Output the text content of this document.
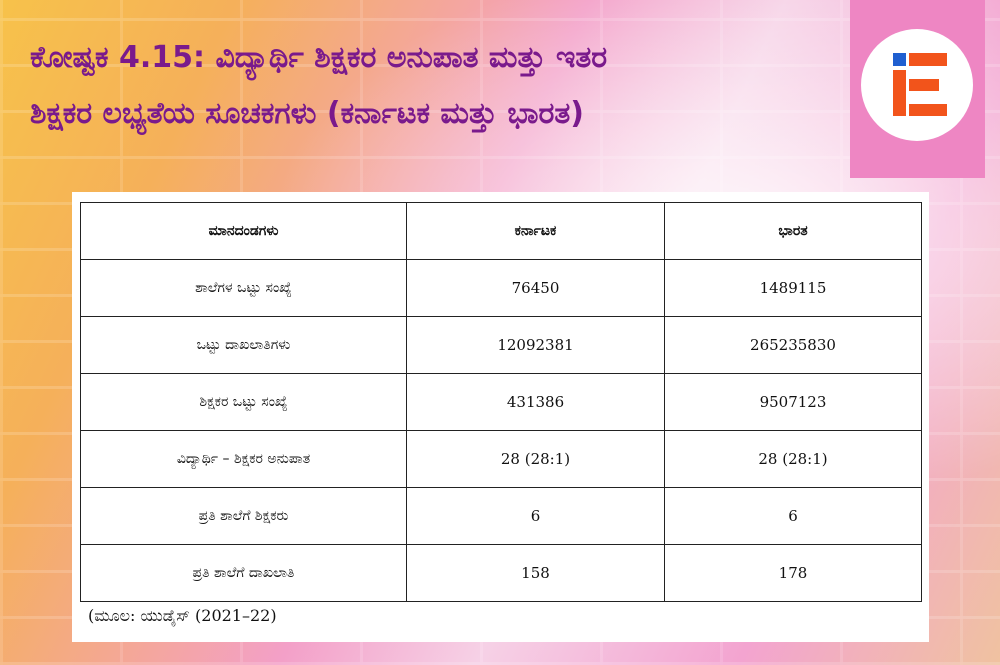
ಕೋಷ್ಟಕ 4.15: ವಿದ್ಯಾರ್ಥಿ ಶಿಕ್ಷಕರ ಅನುಪಾತ ಮತ್ತು ಇತರ
ಶಿಕ್ಷಕರ ಲಭ್ಯತೆಯ ಸೂಚಕಗಳು (ಕರ್ನಾಟಕ ಮತ್ತು ಭಾರತ)
ಮಾನದಂಡಗಳು	ಕರ್ನಾಟಕ	ಭಾರತ
ಶಾಲೆಗಳ ಒಟ್ಟು ಸಂಖ್ಯೆ	76450	1489115
ಒಟ್ಟು ದಾಖಲಾತಿಗಳು	12092381	265235830
ಶಿಕ್ಷಕರ ಒಟ್ಟು ಸಂಖ್ಯೆ	431386	9507123
ವಿದ್ಯಾರ್ಥಿ – ಶಿಕ್ಷಕರ ಅನುಪಾತ	28 (28:1)	28 (28:1)
ಪ್ರತಿ ಶಾಲೆಗೆ ಶಿಕ್ಷಕರು	6	6
ಪ್ರತಿ ಶಾಲೆಗೆ ದಾಖಲಾತಿ	158	178
(ಮೂಲ: ಯುಡೈಸ್ (2021–22)
